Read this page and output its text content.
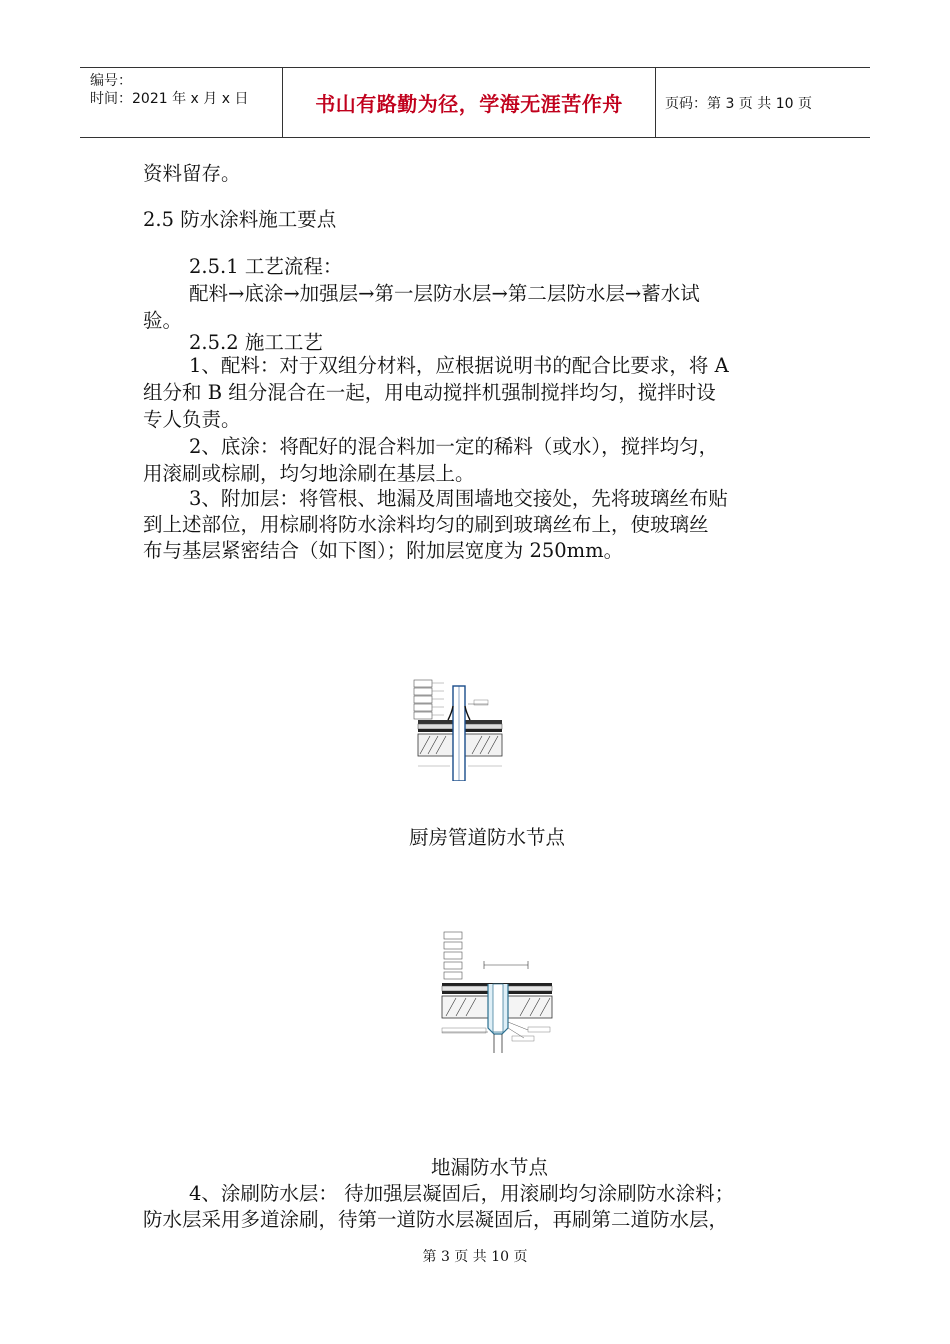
编号：
时间：2021 年 x 月 x 日	书山有路勤为径，学海无涯苦作舟	页码：第 3 页 共 10 页
资料留存。
2.5 防水涂料施工要点
2.5.1 工艺流程：
配料→底涂→加强层→第一层防水层→第二层防水层→蓄水试
验。
2.5.2 施工工艺
1、配料：对于双组分材料，应根据说明书的配合比要求，将 A
组分和 B 组分混合在一起，用电动搅拌机强制搅拌均匀，搅拌时设
专人负责。
2、底涂：将配好的混合料加一定的稀料（或水），搅拌均匀，
用滚刷或棕刷，均匀地涂刷在基层上。
3、附加层：将管根、地漏及周围墙地交接处，先将玻璃丝布贴
到上述部位，用棕刷将防水涂料均匀的刷到玻璃丝布上，使玻璃丝
布与基层紧密结合（如下图）；附加层宽度为 250mm。
厨房管道防水节点
地漏防水节点
4、涂刷防水层： 待加强层凝固后，用滚刷均匀涂刷防水涂料；
防水层采用多道涂刷，待第一道防水层凝固后，再刷第二道防水层，
第 3 页 共 10 页
